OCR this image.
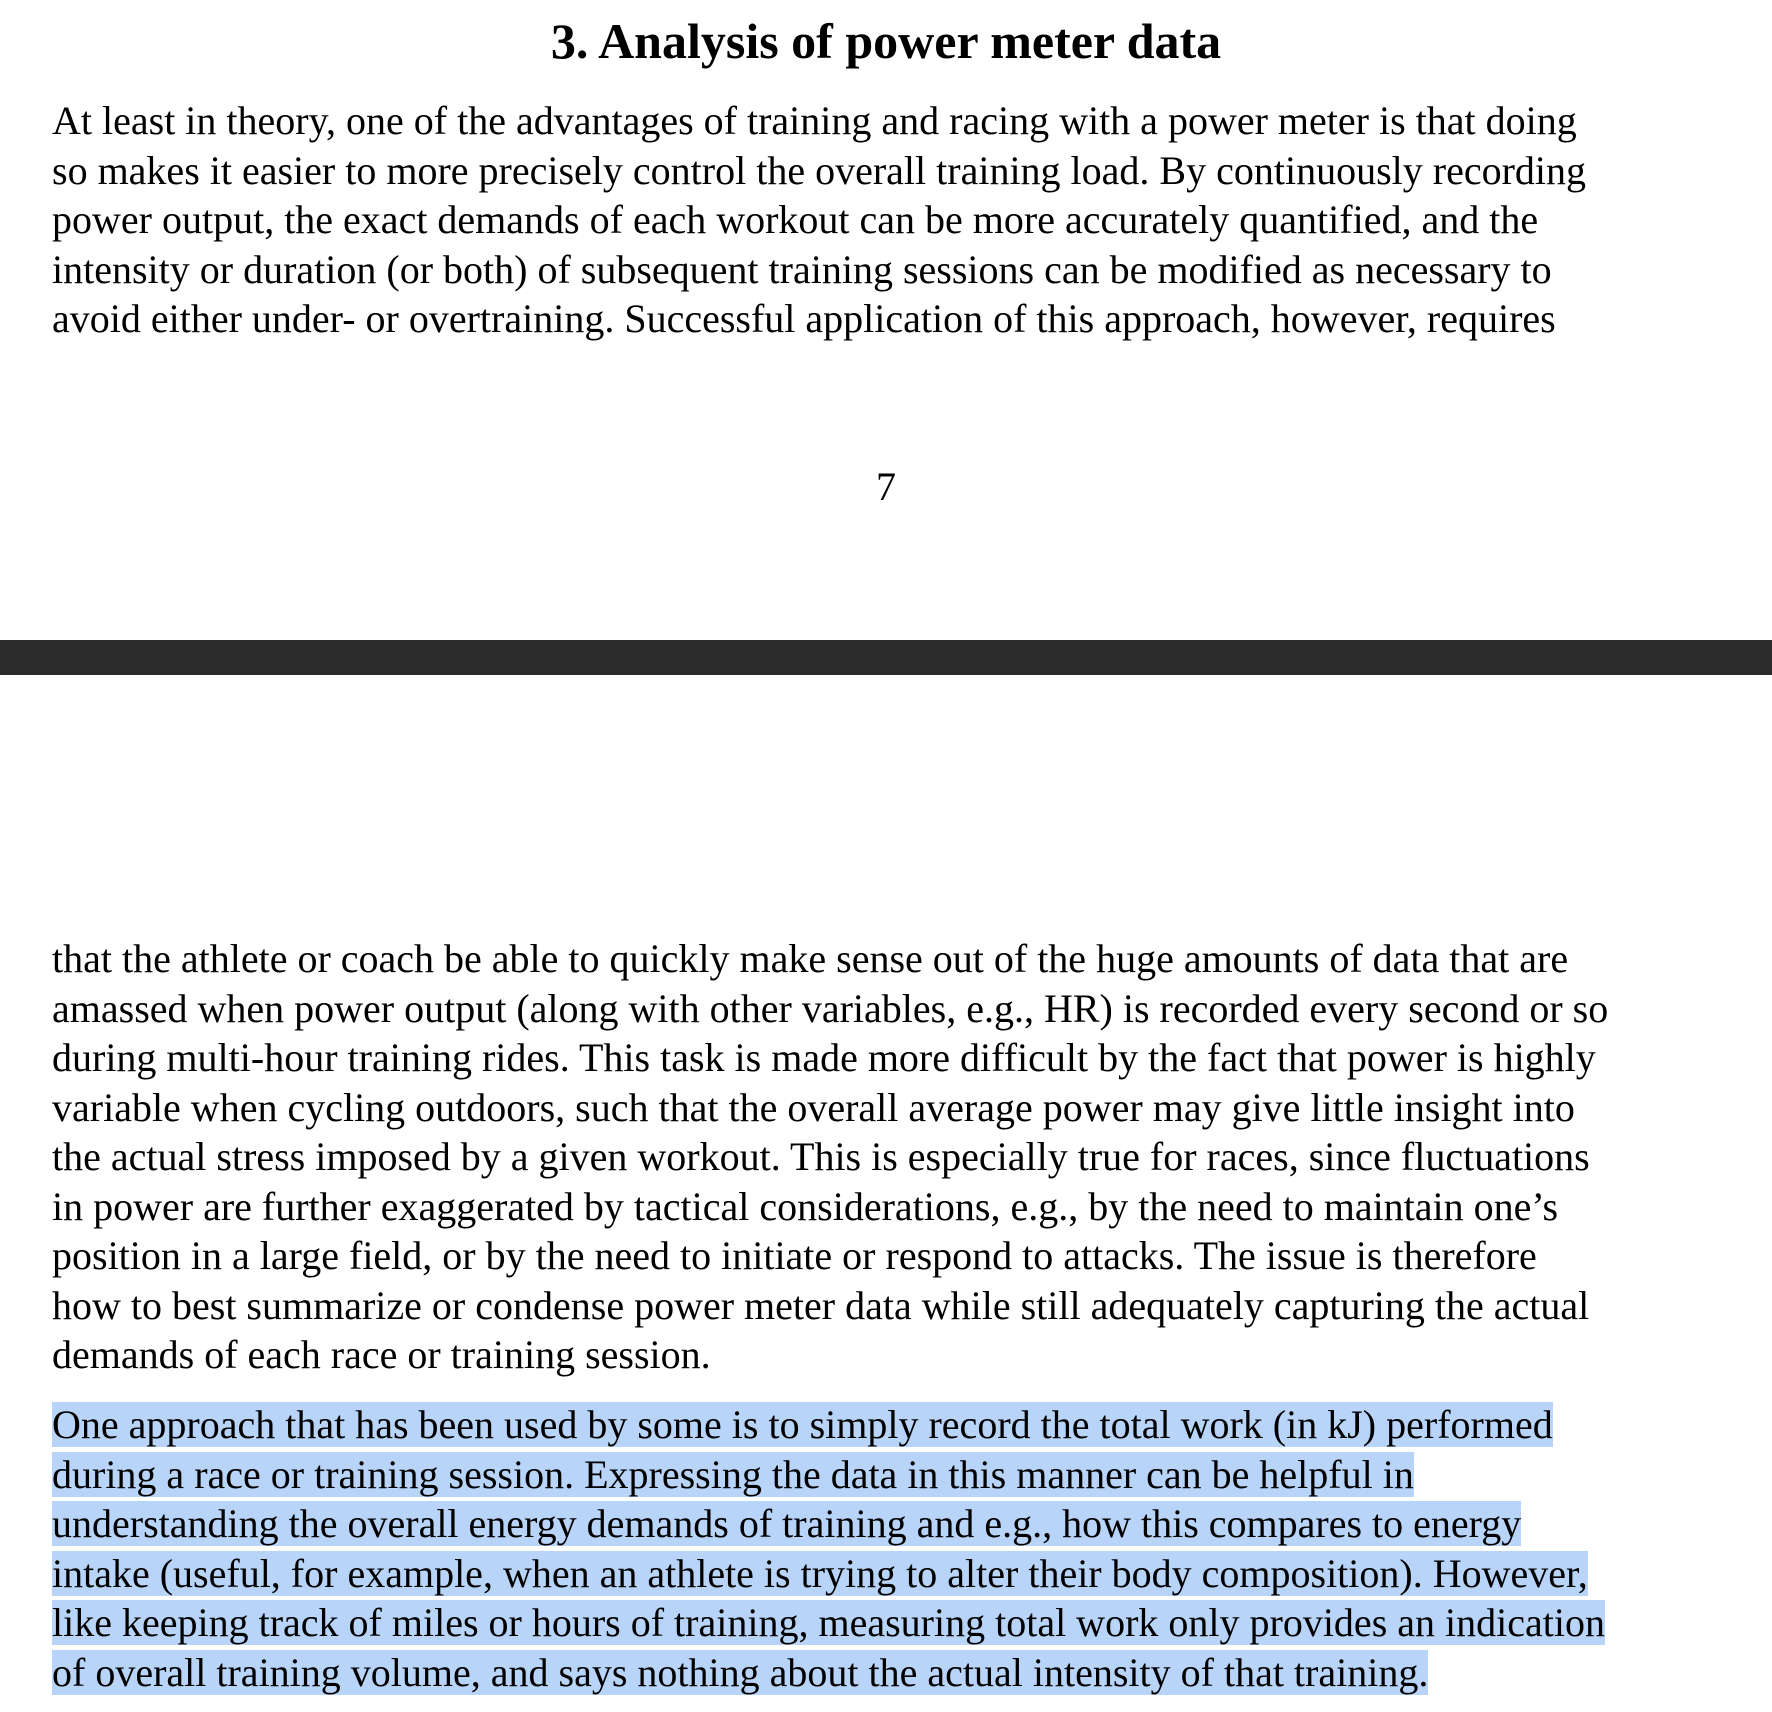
3. Analysis of power meter data

At least in theory, one of the advantages of training and racing with a power meter is that doing
so makes it easier to more precisely control the overall training load. By continuously recording
power output, the exact demands of each workout can be more accurately quantified, and the
intensity or duration (or both) of subsequent training sessions can be modified as necessary to
avoid either under- or overtraining. Successful application of this approach, however, requires

7

that the athlete or coach be able to quickly make sense out of the huge amounts of data that are
amassed when power output (along with other variables, e.g., HR) is recorded every second or so
during multi-hour training rides. This task is made more difficult by the fact that power is highly
variable when cycling outdoors, such that the overall average power may give little insight into
the actual stress imposed by a given workout. This is especially true for races, since fluctuations
in power are further exaggerated by tactical considerations, e.g., by the need to maintain one’s
position in a large field, or by the need to initiate or respond to attacks. The issue is therefore
how to best summarize or condense power meter data while still adequately capturing the actual
demands of each race or training session.

One approach that has been used by some is to simply record the total work (in kJ) performed
during a race or training session. Expressing the data in this manner can be helpful in
understanding the overall energy demands of training and e.g., how this compares to energy
intake (useful, for example, when an athlete is trying to alter their body composition). However,
like keeping track of miles or hours of training, measuring total work only provides an indication
of overall training volume, and says nothing about the actual intensity of that training.
